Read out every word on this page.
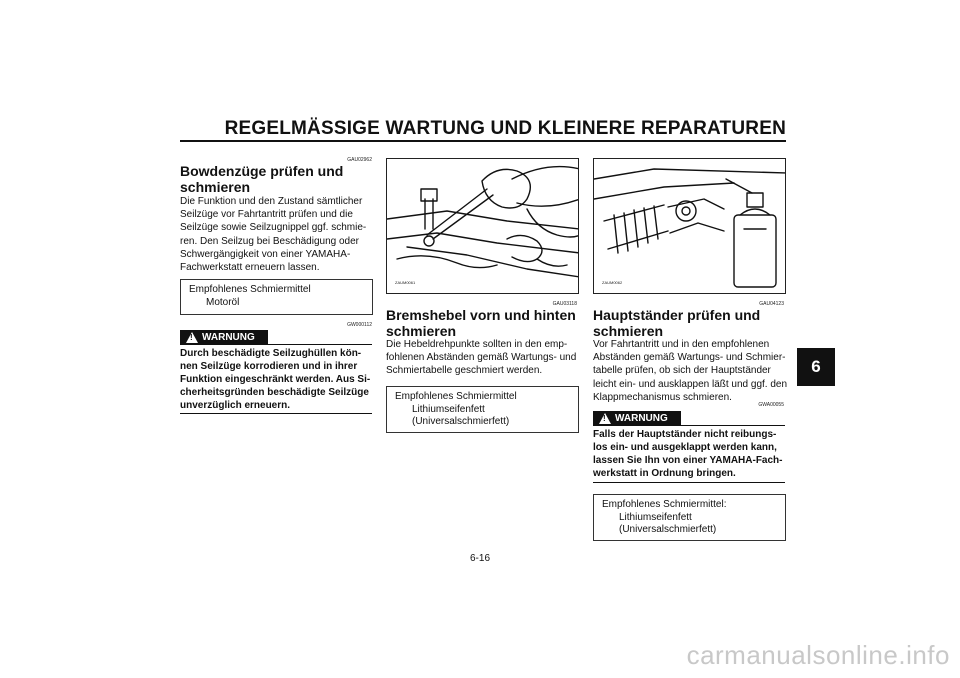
REGELMÄSSIGE WARTUNG UND KLEINERE REPARATUREN
6
GAU02962
Bowdenzüge prüfen und schmieren
Die Funktion und den Zustand sämtlicher
Seilzüge vor Fahrtantritt prüfen und die
Seilzüge sowie Seilzugnippel ggf. schmie-
ren. Den Seilzug bei Beschädigung oder
Schwergängigkeit von einer YAMAHA-
Fachwerkstatt erneuern lassen.
Empfohlenes Schmiermittel
Motoröl
GW000112
!
WARNUNG
Durch beschädigte Seilzughüllen kön-
nen Seilzüge korrodieren und in ihrer
Funktion eingeschränkt werden. Aus Si-
cherheitsgründen beschädigte Seilzüge
unverzüglich erneuern.
ZAUM0061
GAU03118
Bremshebel vorn und hinten schmieren
Die Hebeldrehpunkte sollten in den emp-
fohlenen Abständen gemäß Wartungs- und
Schmiertabelle geschmiert werden.
Empfohlenes Schmiermittel
Lithiumseifenfett
(Universalschmierfett)
ZAUM0062
GAU04123
Hauptständer prüfen und schmieren
Vor Fahrtantritt und in den empfohlenen
Abständen gemäß Wartungs- und Schmier-
tabelle prüfen, ob sich der Hauptständer
leicht ein- und ausklappen läßt und ggf. den
Klappmechanismus schmieren.
GWA00055
!
WARNUNG
Falls der Hauptständer nicht reibungs-
los ein- und ausgeklappt werden kann,
lassen Sie Ihn von einer YAMAHA-Fach-
werkstatt in Ordnung bringen.
Empfohlenes Schmiermittel:
Lithiumseifenfett
(Universalschmierfett)
6-16
carmanualsonline.info
